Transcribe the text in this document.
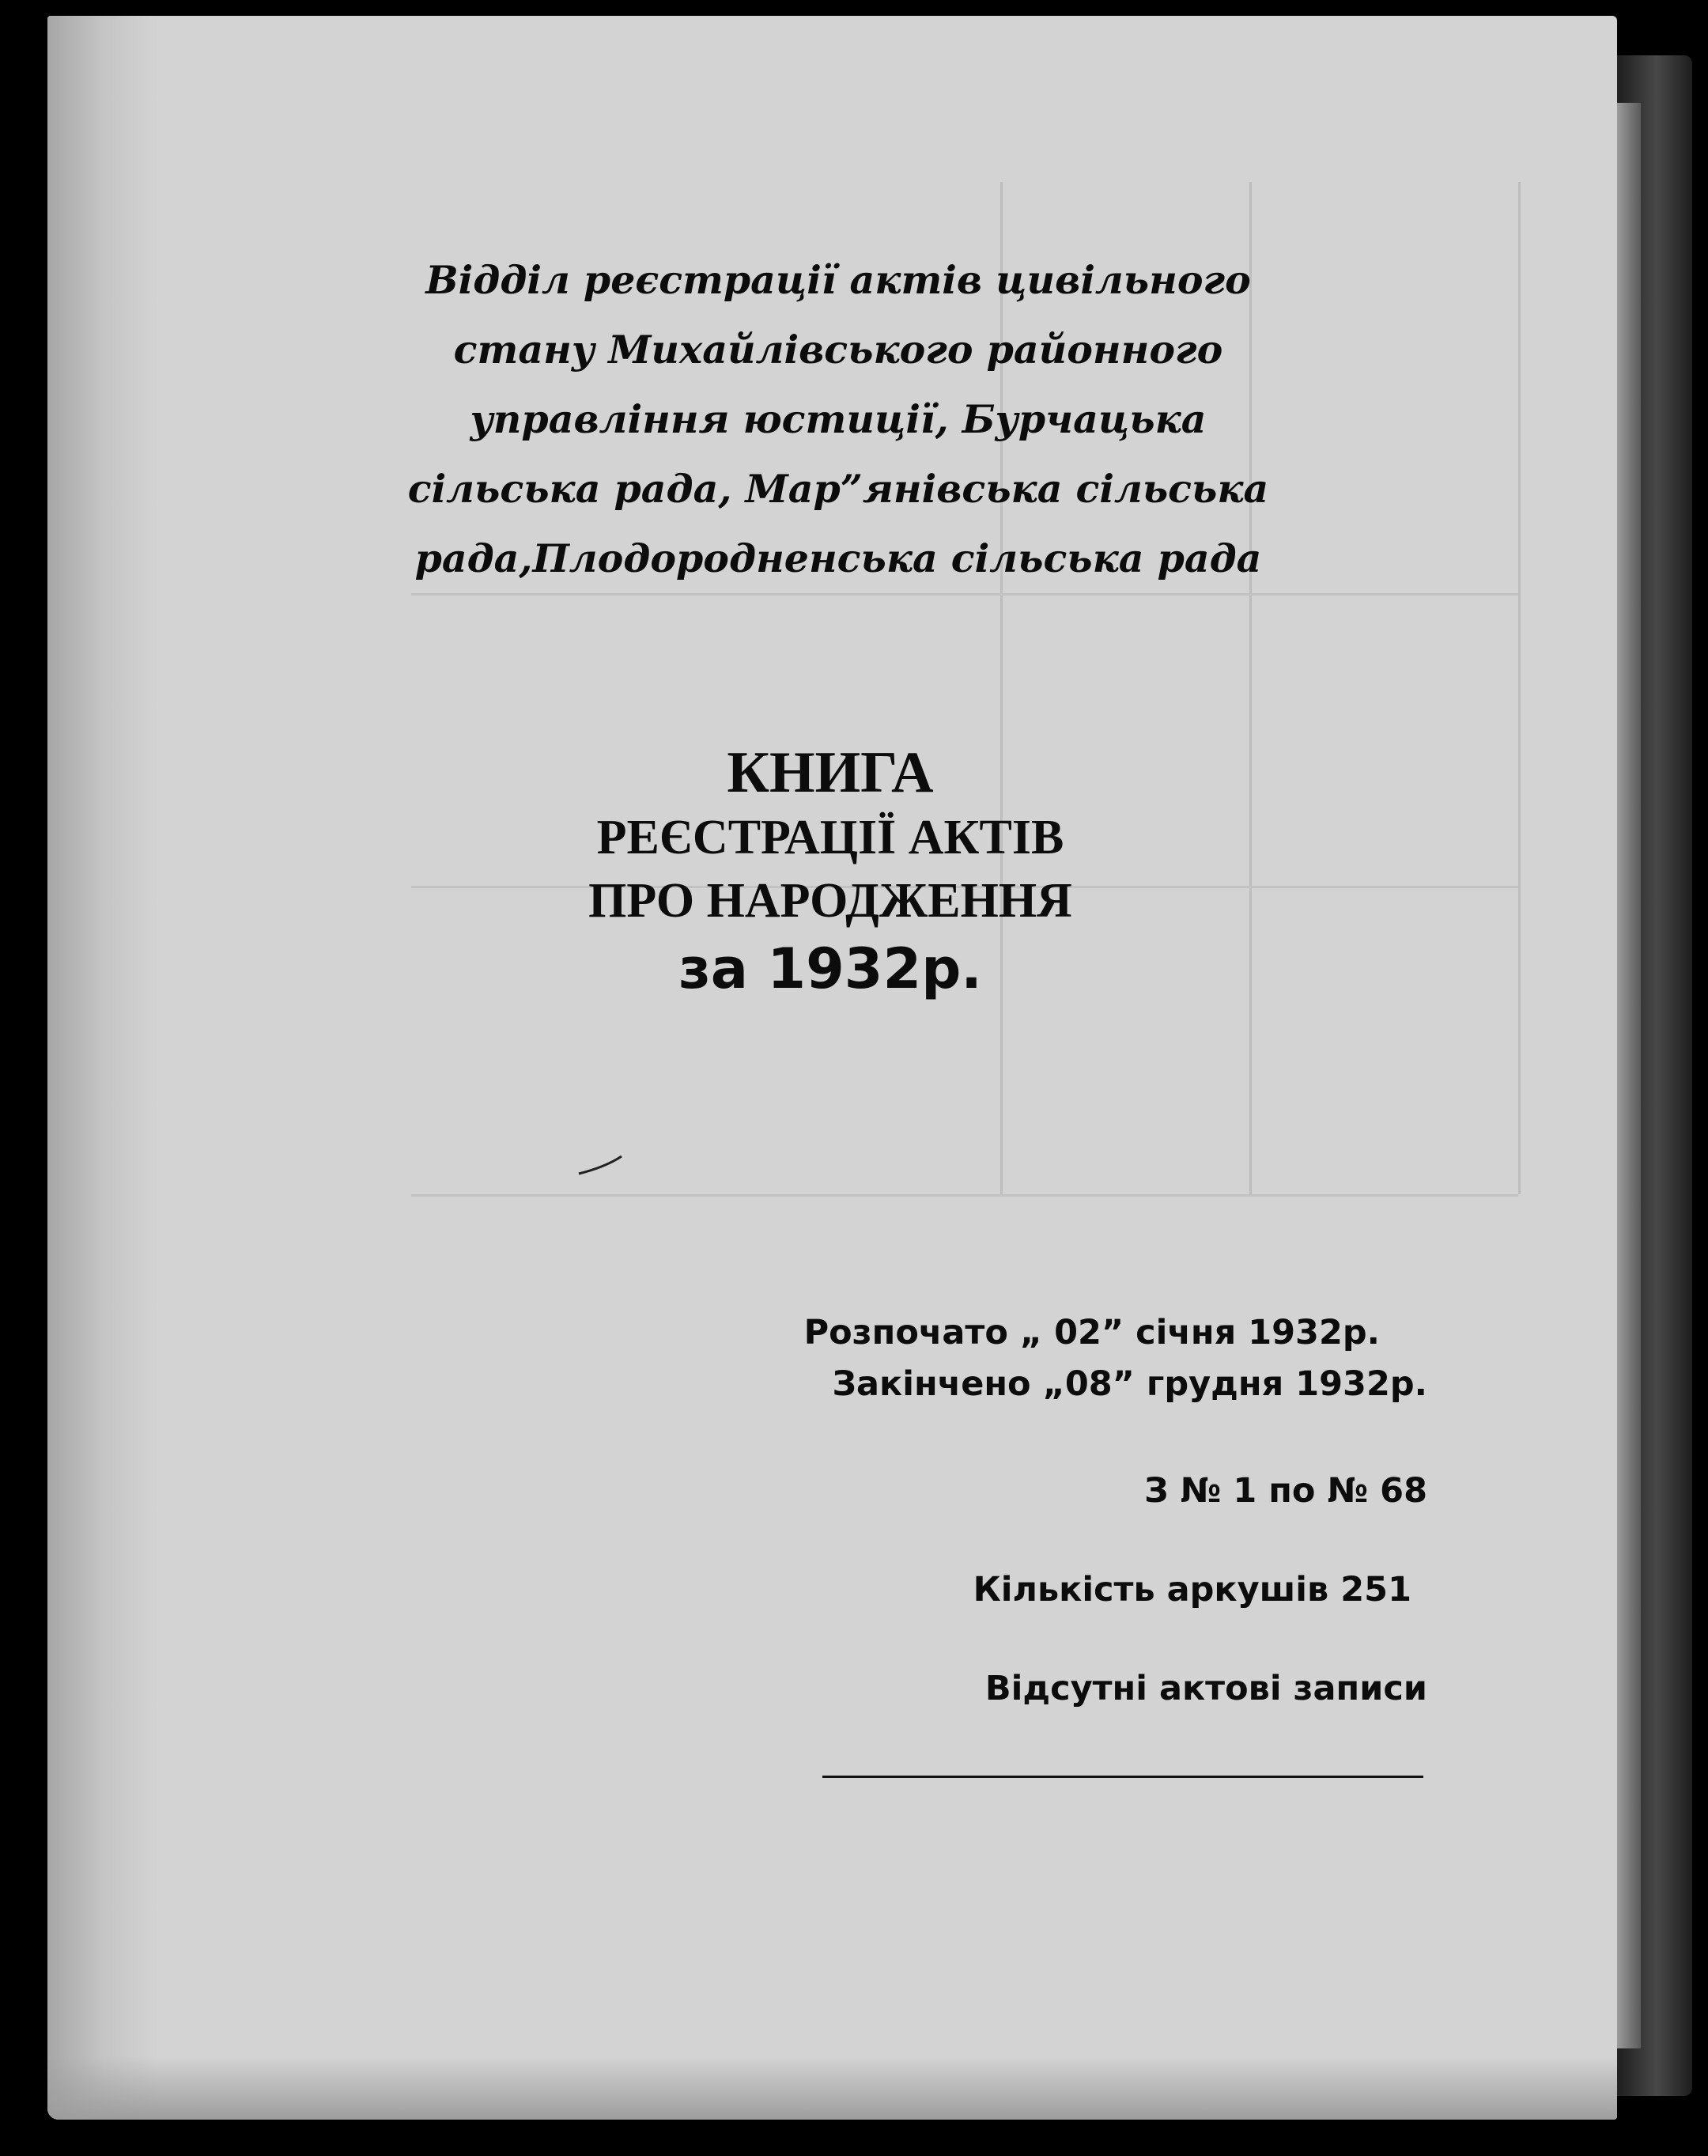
Відділ реєстрації актів цивільного
стану Михайлівського районного
управління юстиції, Бурчацька
сільська рада, Мар”янівська сільська
рада,Плодородненська сільська рада
КНИГА
РЕЄСТРАЦІЇ АКТІВ
ПРО НАРОДЖЕННЯ
за 1932р.
Розпочато „ 02” січня 1932р.
Закінчено „08” грудня 1932р.
З № 1 по № 68
Кількість аркушів 251
Відсутні актові записи
